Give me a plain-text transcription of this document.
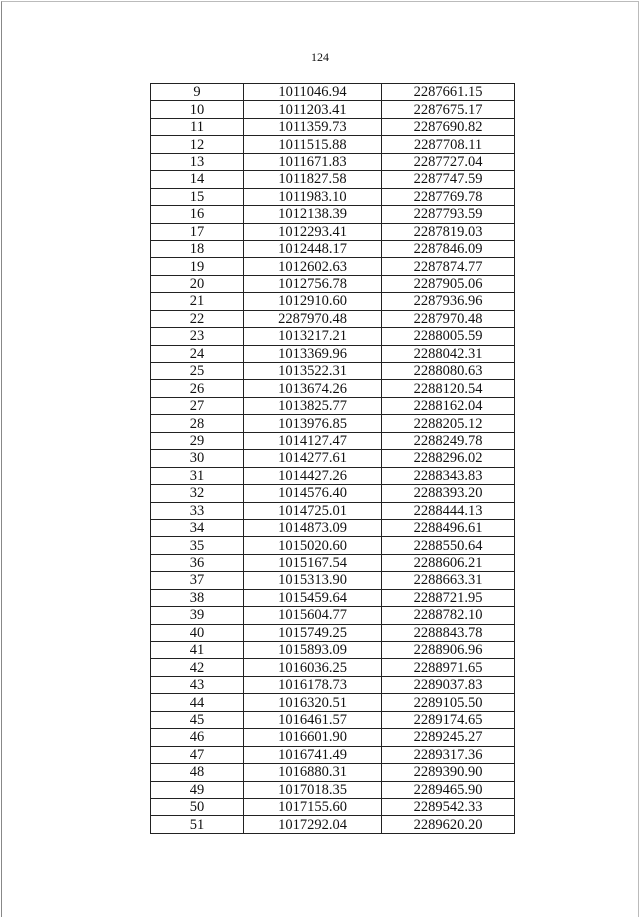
124
9	1011046.94	2287661.15
10	1011203.41	2287675.17
11	1011359.73	2287690.82
12	1011515.88	2287708.11
13	1011671.83	2287727.04
14	1011827.58	2287747.59
15	1011983.10	2287769.78
16	1012138.39	2287793.59
17	1012293.41	2287819.03
18	1012448.17	2287846.09
19	1012602.63	2287874.77
20	1012756.78	2287905.06
21	1012910.60	2287936.96
22	2287970.48	2287970.48
23	1013217.21	2288005.59
24	1013369.96	2288042.31
25	1013522.31	2288080.63
26	1013674.26	2288120.54
27	1013825.77	2288162.04
28	1013976.85	2288205.12
29	1014127.47	2288249.78
30	1014277.61	2288296.02
31	1014427.26	2288343.83
32	1014576.40	2288393.20
33	1014725.01	2288444.13
34	1014873.09	2288496.61
35	1015020.60	2288550.64
36	1015167.54	2288606.21
37	1015313.90	2288663.31
38	1015459.64	2288721.95
39	1015604.77	2288782.10
40	1015749.25	2288843.78
41	1015893.09	2288906.96
42	1016036.25	2288971.65
43	1016178.73	2289037.83
44	1016320.51	2289105.50
45	1016461.57	2289174.65
46	1016601.90	2289245.27
47	1016741.49	2289317.36
48	1016880.31	2289390.90
49	1017018.35	2289465.90
50	1017155.60	2289542.33
51	1017292.04	2289620.20
